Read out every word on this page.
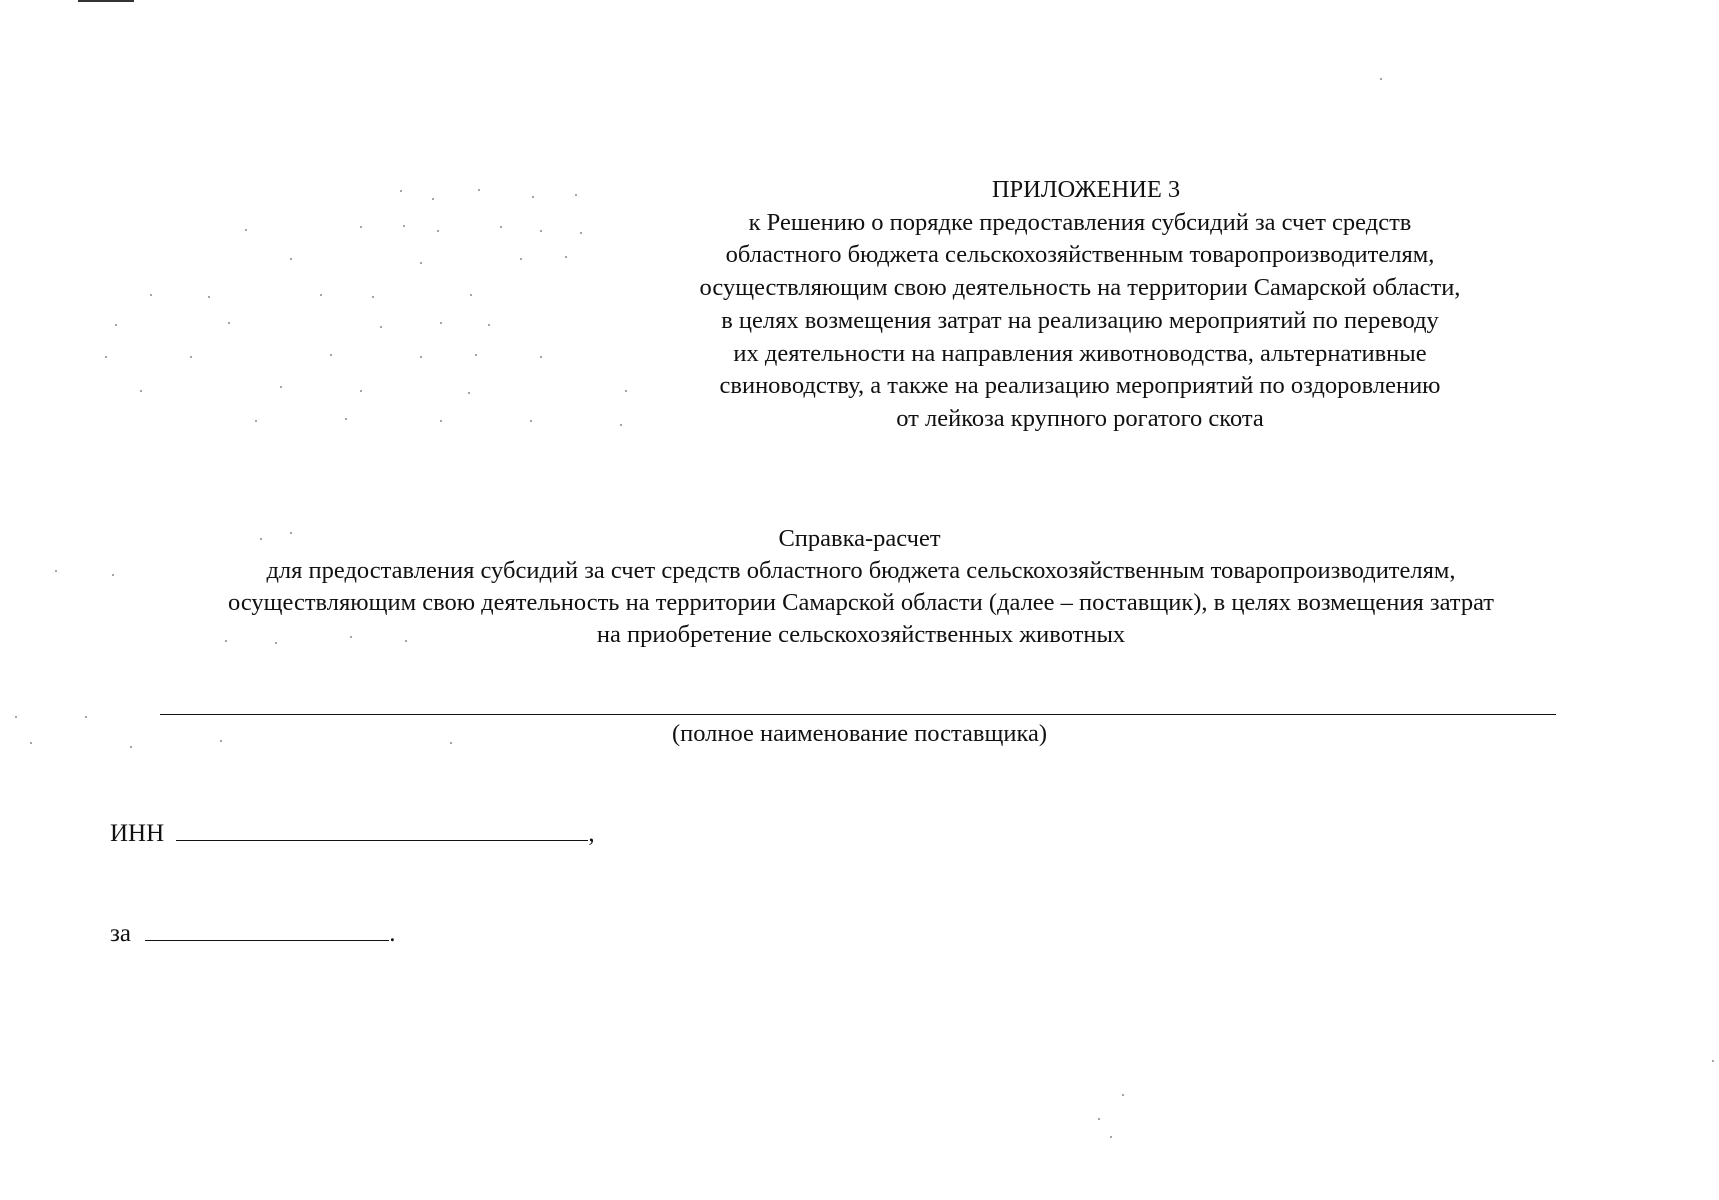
ПРИЛОЖЕНИЕ 3
к Решению о порядке предоставления субсидий за счет средств
областного бюджета сельскохозяйственным товаропроизводителям,
осуществляющим свою деятельность на территории Самарской области,
в целях возмещения затрат на реализацию мероприятий по переводу
их деятельности на направления животноводства, альтернативные
свиноводству, а также на реализацию мероприятий по оздоровлению
от лейкоза крупного рогатого скота
Справка-расчет
для предоставления субсидий за счет средств областного бюджета сельскохозяйственным товаропроизводителям,
осуществляющим свою деятельность на территории Самарской области (далее – поставщик), в целях возмещения затрат
на приобретение сельскохозяйственных животных
(полное наименование поставщика)
ИНН	,
за	.
